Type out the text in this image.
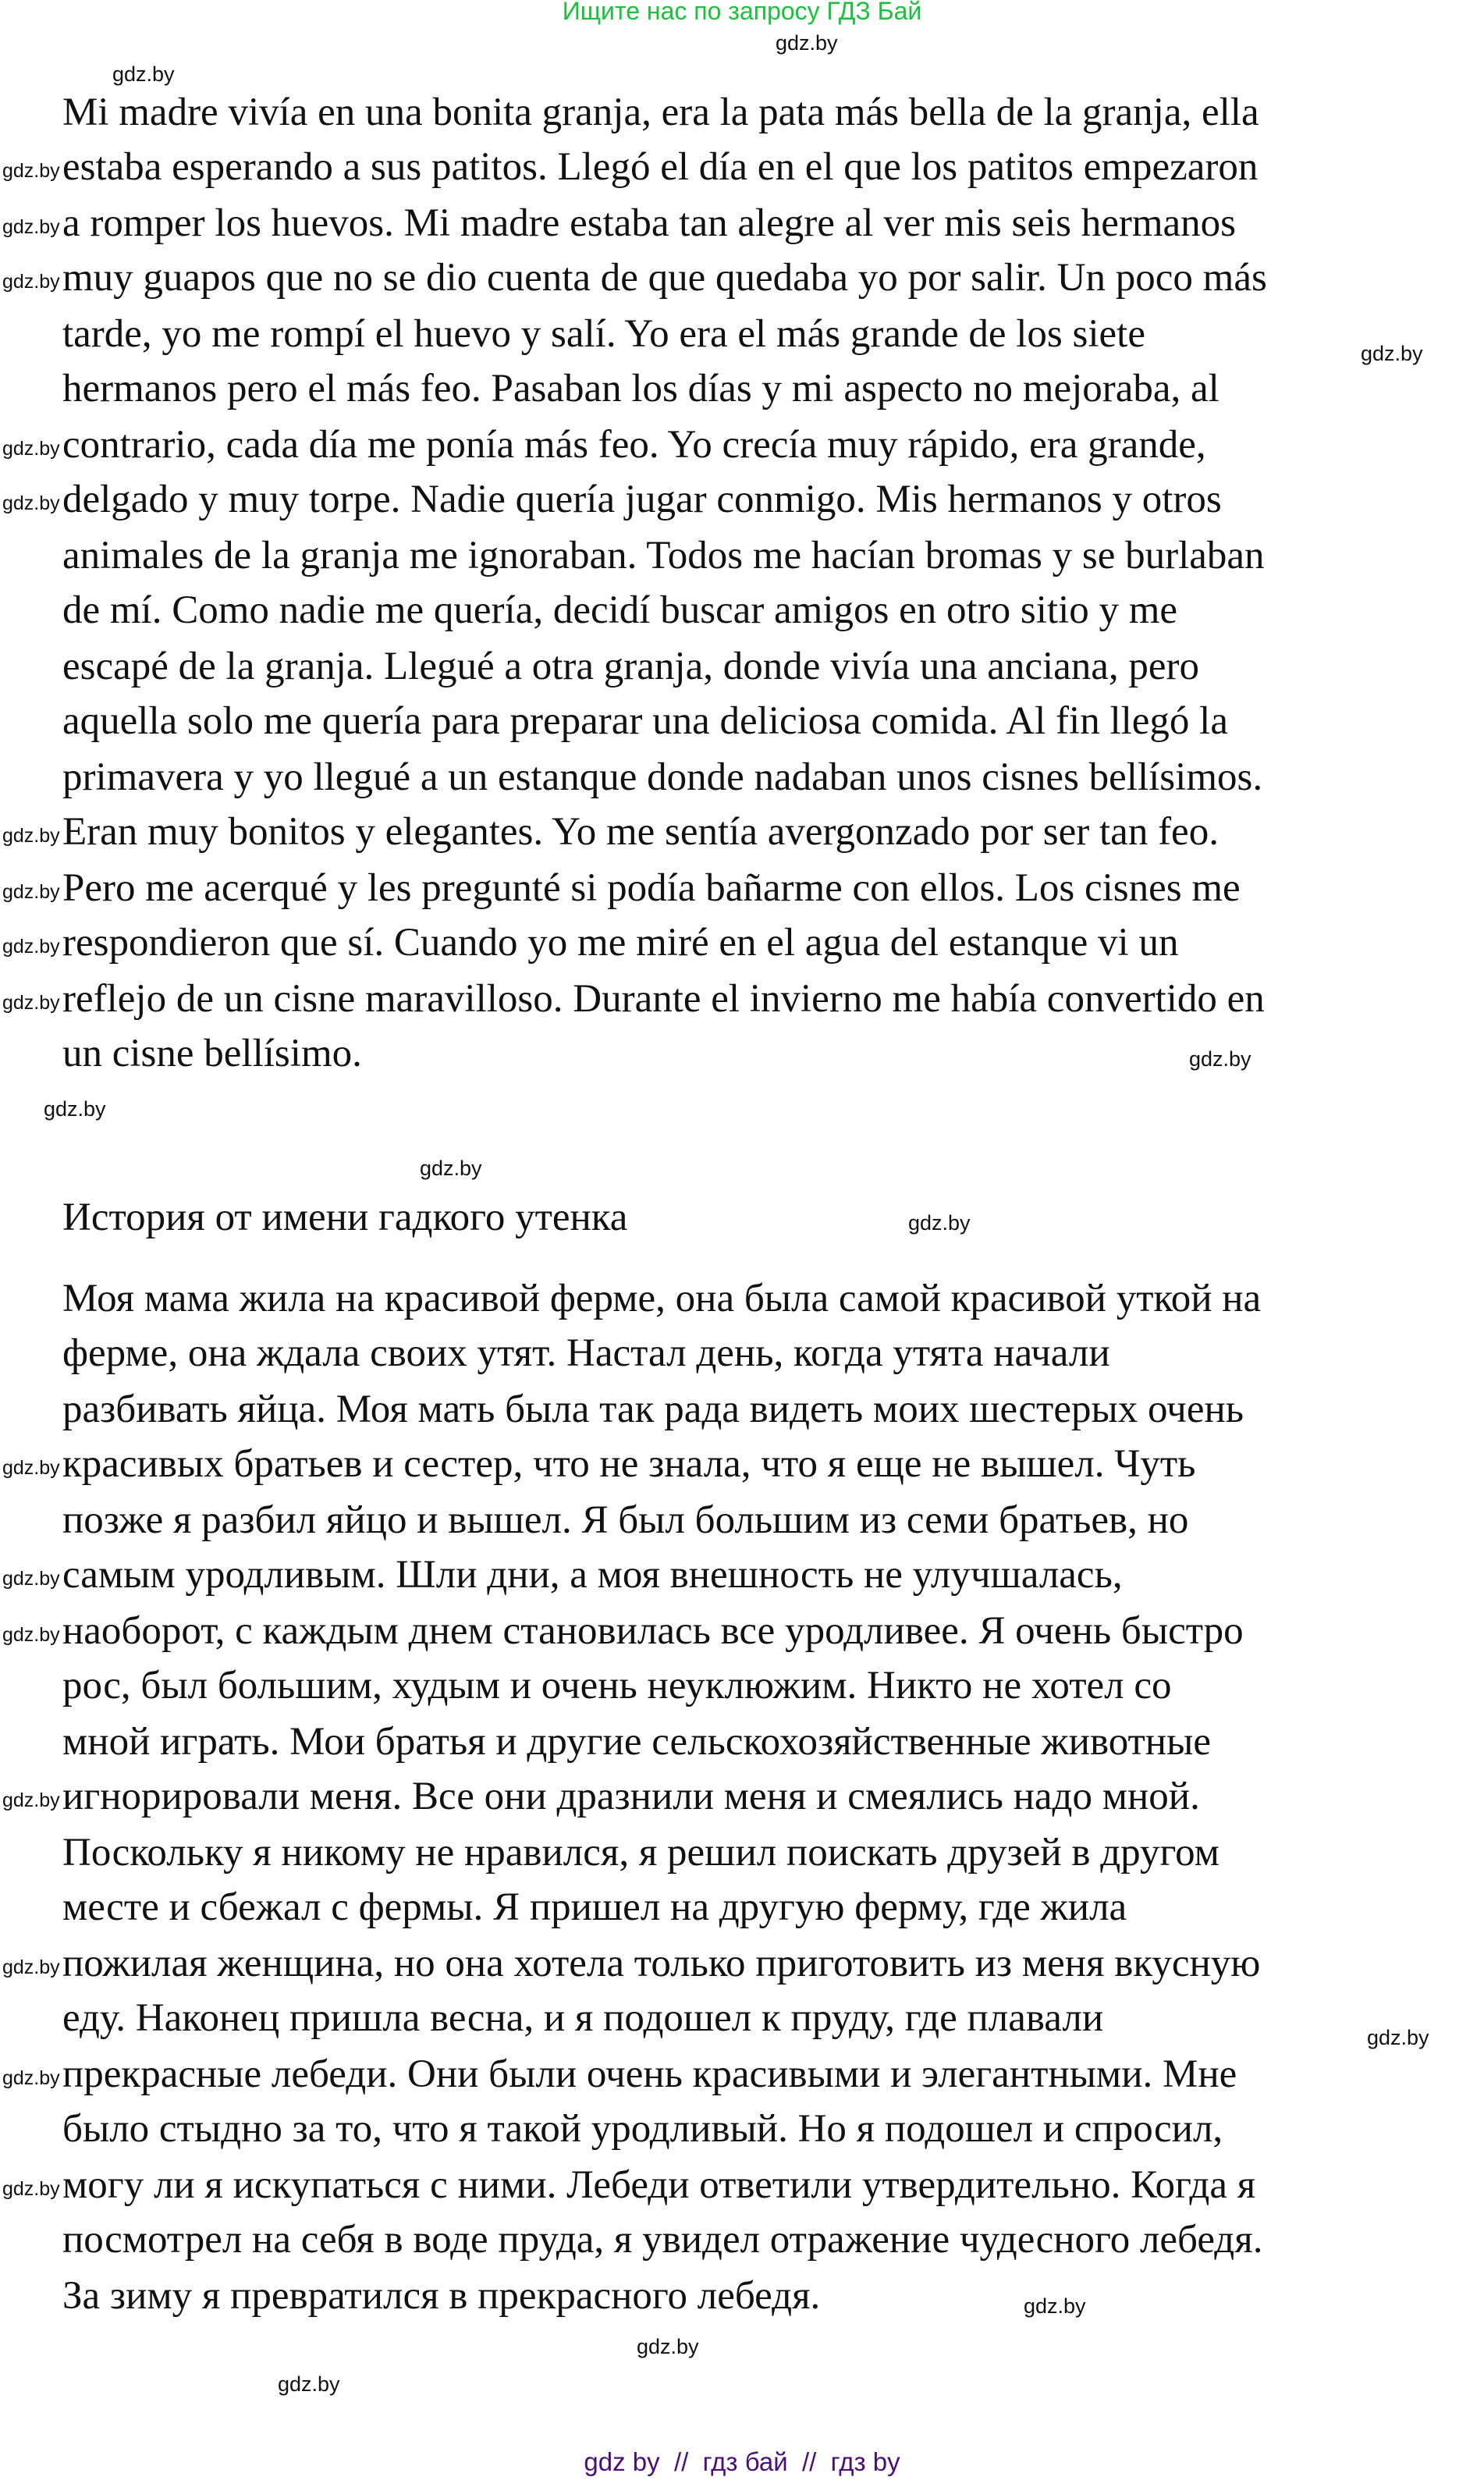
Ищите нас по запросу ГДЗ Бай
Mi madre vivía en una bonita granja, era la pata más bella de la granja, ella
estaba esperando a sus patitos. Llegó el día en el que los patitos empezaron
a romper los huevos. Mi madre estaba tan alegre al ver mis seis hermanos
muy guapos que no se dio cuenta de que quedaba yo por salir. Un poco más
tarde, yo me rompí el huevo y salí. Yo era el más grande de los siete
hermanos pero el más feo. Pasaban los días y mi aspecto no mejoraba, al
contrario, cada día me ponía más feo. Yo crecía muy rápido, era grande,
delgado y muy torpe. Nadie quería jugar conmigo. Mis hermanos y otros
animales de la granja me ignoraban. Todos me hacían bromas y se burlaban
de mí. Como nadie me quería, decidí buscar amigos en otro sitio y me
escapé de la granja. Llegué a otra granja, donde vivía una anciana, pero
aquella solo me quería para preparar una deliciosa comida. Al fin llegó la
primavera y yo llegué a un estanque donde nadaban unos cisnes bellísimos.
Eran muy bonitos y elegantes. Yo me sentía avergonzado por ser tan feo.
Pero me acerqué y les pregunté si podía bañarme con ellos. Los cisnes me
respondieron que sí. Cuando yo me miré en el agua del estanque vi un
reflejo de un cisne maravilloso. Durante el invierno me había convertido en
un cisne bellísimo.
История от имени гадкого утенка
Моя мама жила на красивой ферме, она была самой красивой уткой на
ферме, она ждала своих утят. Настал день, когда утята начали
разбивать яйца. Моя мать была так рада видеть моих шестерых очень
красивых братьев и сестер, что не знала, что я еще не вышел. Чуть
позже я разбил яйцо и вышел. Я был большим из семи братьев, но
самым уродливым. Шли дни, а моя внешность не улучшалась,
наоборот, с каждым днем становилась все уродливее. Я очень быстро
рос, был большим, худым и очень неуклюжим. Никто не хотел со
мной играть. Мои братья и другие сельскохозяйственные животные
игнорировали меня. Все они дразнили меня и смеялись надо мной.
Поскольку я никому не нравился, я решил поискать друзей в другом
месте и сбежал с фермы. Я пришел на другую ферму, где жила
пожилая женщина, но она хотела только приготовить из меня вкусную
еду. Наконец пришла весна, и я подошел к пруду, где плавали
прекрасные лебеди. Они были очень красивыми и элегантными. Мне
было стыдно за то, что я такой уродливый. Но я подошел и спросил,
могу ли я искупаться с ними. Лебеди ответили утвердительно. Когда я
посмотрел на себя в воде пруда, я увидел отражение чудесного лебедя.
За зиму я превратился в прекрасного лебедя.
gdz.by
gdz.by
gdz.by
gdz.by
gdz.by
gdz.by
gdz.by
gdz.by
gdz.by
gdz.by
gdz.by
gdz.by
gdz.by
gdz.by
gdz.by
gdz.by
gdz.by
gdz.by
gdz.by
gdz.by
gdz.by
gdz.by
gdz.by
gdz.by
gdz.by
gdz.by
gdz.by
gdz by  //  гдз бай  //  гдз by
